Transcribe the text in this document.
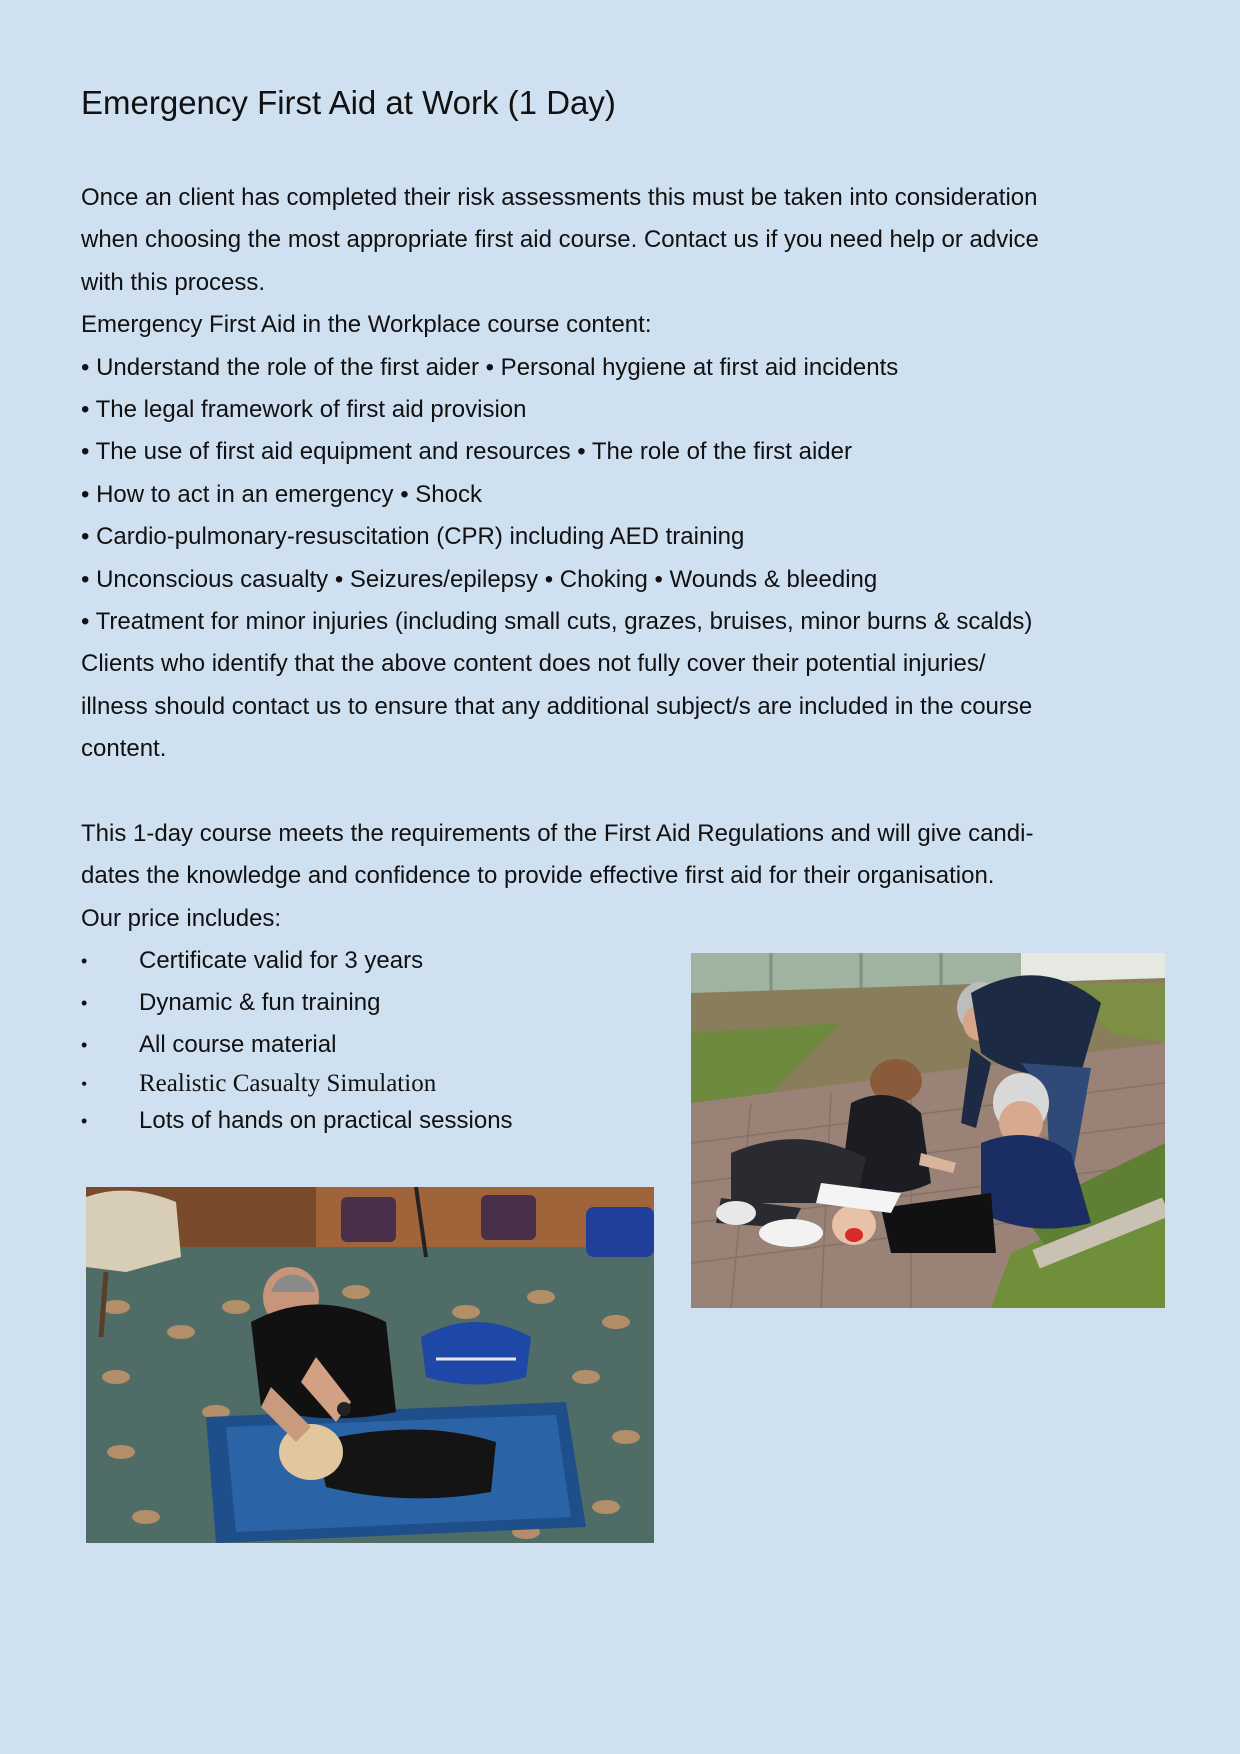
Emergency First Aid at Work (1 Day)
Once an client has completed their risk assessments this must be taken into consideration
when choosing the most appropriate first aid course. Contact us if you need help or advice
with this process.
Emergency First Aid in the Workplace course content:
• Understand the role of the first aider • Personal hygiene at first aid incidents
• The legal framework of first aid provision
• The use of first aid equipment and resources • The role of the first aider
• How to act in an emergency • Shock
• Cardio-pulmonary-resuscitation (CPR) including AED training
• Unconscious casualty • Seizures/epilepsy • Choking • Wounds & bleeding
• Treatment for minor injuries (including small cuts, grazes, bruises, minor burns & scalds)
Clients who identify that the above content does not fully cover their potential injuries/
illness should contact us to ensure that any additional subject/s are included in the course
content.
This 1-day course meets the requirements of the First Aid Regulations and will give candi-
dates the knowledge and confidence to provide effective first aid for their organisation.
Our price includes:
• Certificate valid for 3 years
• Dynamic & fun training
• All course material
• Realistic Casualty Simulation
• Lots of hands on practical sessions
